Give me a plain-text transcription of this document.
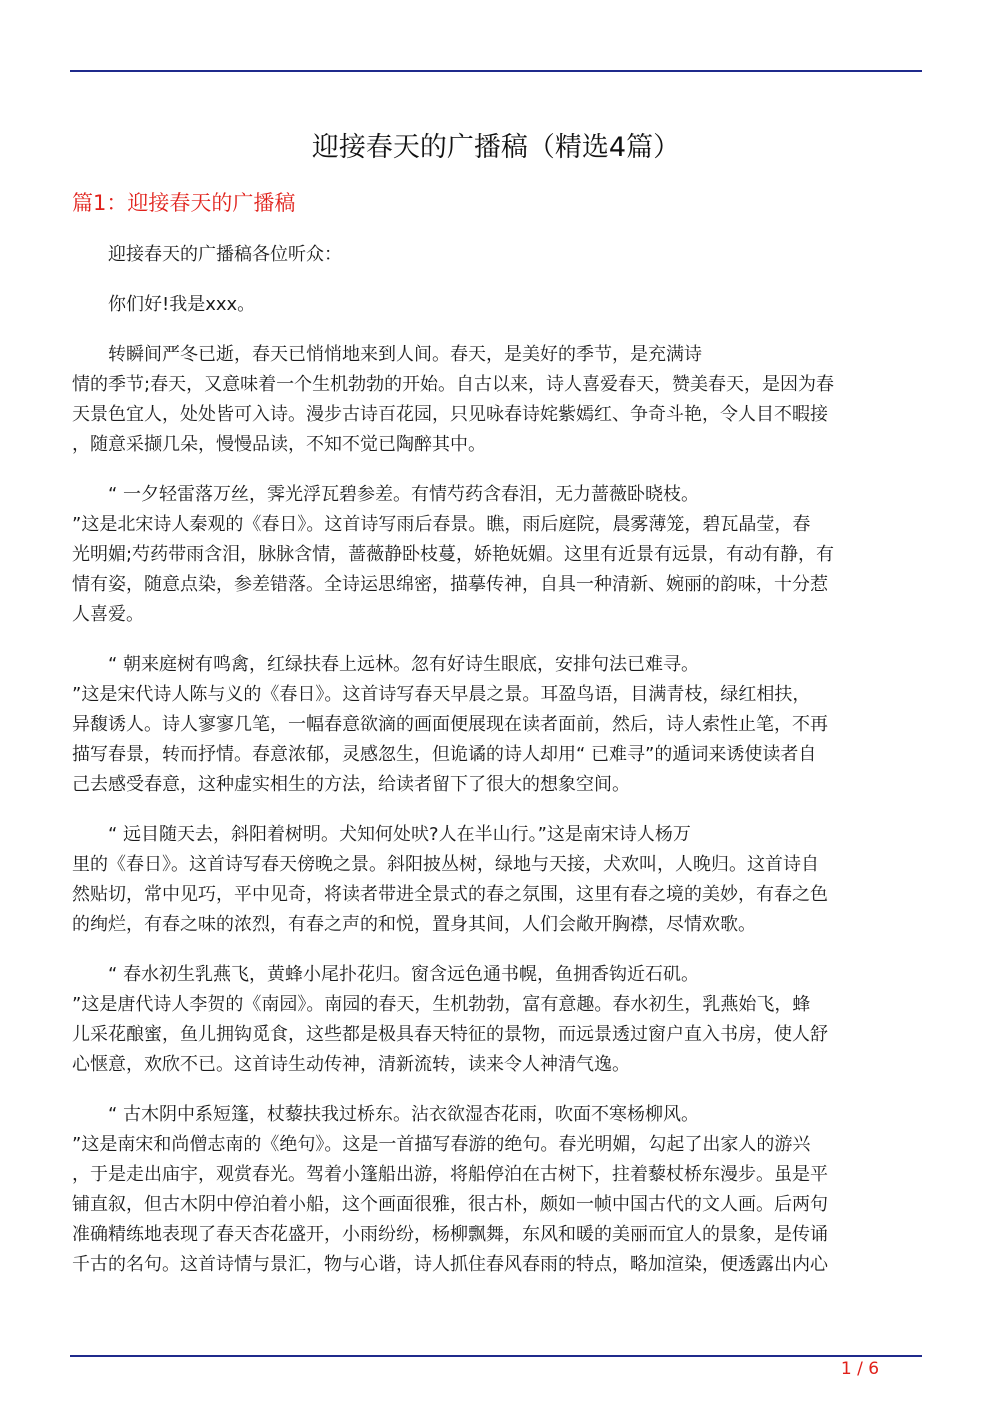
迎接春天的广播稿（精选4篇）
篇1：迎接春天的广播稿
迎接春天的广播稿各位听众：
你们好!我是xxx。
转瞬间严冬已逝，春天已悄悄地来到人间。春天，是美好的季节，是充满诗
情的季节;春天，又意味着一个生机勃勃的开始。自古以来，诗人喜爱春天，赞美春天，是因为春
天景色宜人，处处皆可入诗。漫步古诗百花园，只见咏春诗姹紫嫣红、争奇斗艳，令人目不暇接
，随意采撷几朵，慢慢品读，不知不觉已陶醉其中。
“ 一夕轻雷落万丝，霁光浮瓦碧参差。有情芍药含春泪，无力蔷薇卧晓枝。
”这是北宋诗人秦观的《春日》。这首诗写雨后春景。瞧，雨后庭院，晨雾薄笼，碧瓦晶莹，春
光明媚;芍药带雨含泪，脉脉含情，蔷薇静卧枝蔓，娇艳妩媚。这里有近景有远景，有动有静，有
情有姿，随意点染，参差错落。全诗运思绵密，描摹传神，自具一种清新、婉丽的韵味，十分惹
人喜爱。
“ 朝来庭树有鸣禽，红绿扶春上远林。忽有好诗生眼底，安排句法已难寻。
”这是宋代诗人陈与义的《春日》。这首诗写春天早晨之景。耳盈鸟语，目满青枝，绿红相扶，
异馥诱人。诗人寥寥几笔，一幅春意欲滴的画面便展现在读者面前，然后，诗人索性止笔，不再
描写春景，转而抒情。春意浓郁，灵感忽生，但诡谲的诗人却用“ 已难寻”的遁词来诱使读者自
己去感受春意，这种虚实相生的方法，给读者留下了很大的想象空间。
“ 远目随天去，斜阳着树明。犬知何处吠?人在半山行。”这是南宋诗人杨万
里的《春日》。这首诗写春天傍晚之景。斜阳披丛树，绿地与天接，犬欢叫，人晚归。这首诗自
然贴切，常中见巧，平中见奇，将读者带进全景式的春之氛围，这里有春之境的美妙，有春之色
的绚烂，有春之味的浓烈，有春之声的和悦，置身其间，人们会敞开胸襟，尽情欢歌。
“ 春水初生乳燕飞，黄蜂小尾扑花归。窗含远色通书幌，鱼拥香钩近石矶。
”这是唐代诗人李贺的《南园》。南园的春天，生机勃勃，富有意趣。春水初生，乳燕始飞，蜂
儿采花酿蜜，鱼儿拥钩觅食，这些都是极具春天特征的景物，而远景透过窗户直入书房，使人舒
心惬意，欢欣不已。这首诗生动传神，清新流转，读来令人神清气逸。
“ 古木阴中系短篷，杖藜扶我过桥东。沾衣欲湿杏花雨，吹面不寒杨柳风。
”这是南宋和尚僧志南的《绝句》。这是一首描写春游的绝句。春光明媚，勾起了出家人的游兴
，于是走出庙宇，观赏春光。驾着小篷船出游，将船停泊在古树下，拄着藜杖桥东漫步。虽是平
铺直叙，但古木阴中停泊着小船，这个画面很雅，很古朴，颇如一帧中国古代的文人画。后两句
准确精练地表现了春天杏花盛开，小雨纷纷，杨柳飘舞，东风和暖的美丽而宜人的景象，是传诵
千古的名句。这首诗情与景汇，物与心谐，诗人抓住春风春雨的特点，略加渲染，便透露出内心
1 / 6
